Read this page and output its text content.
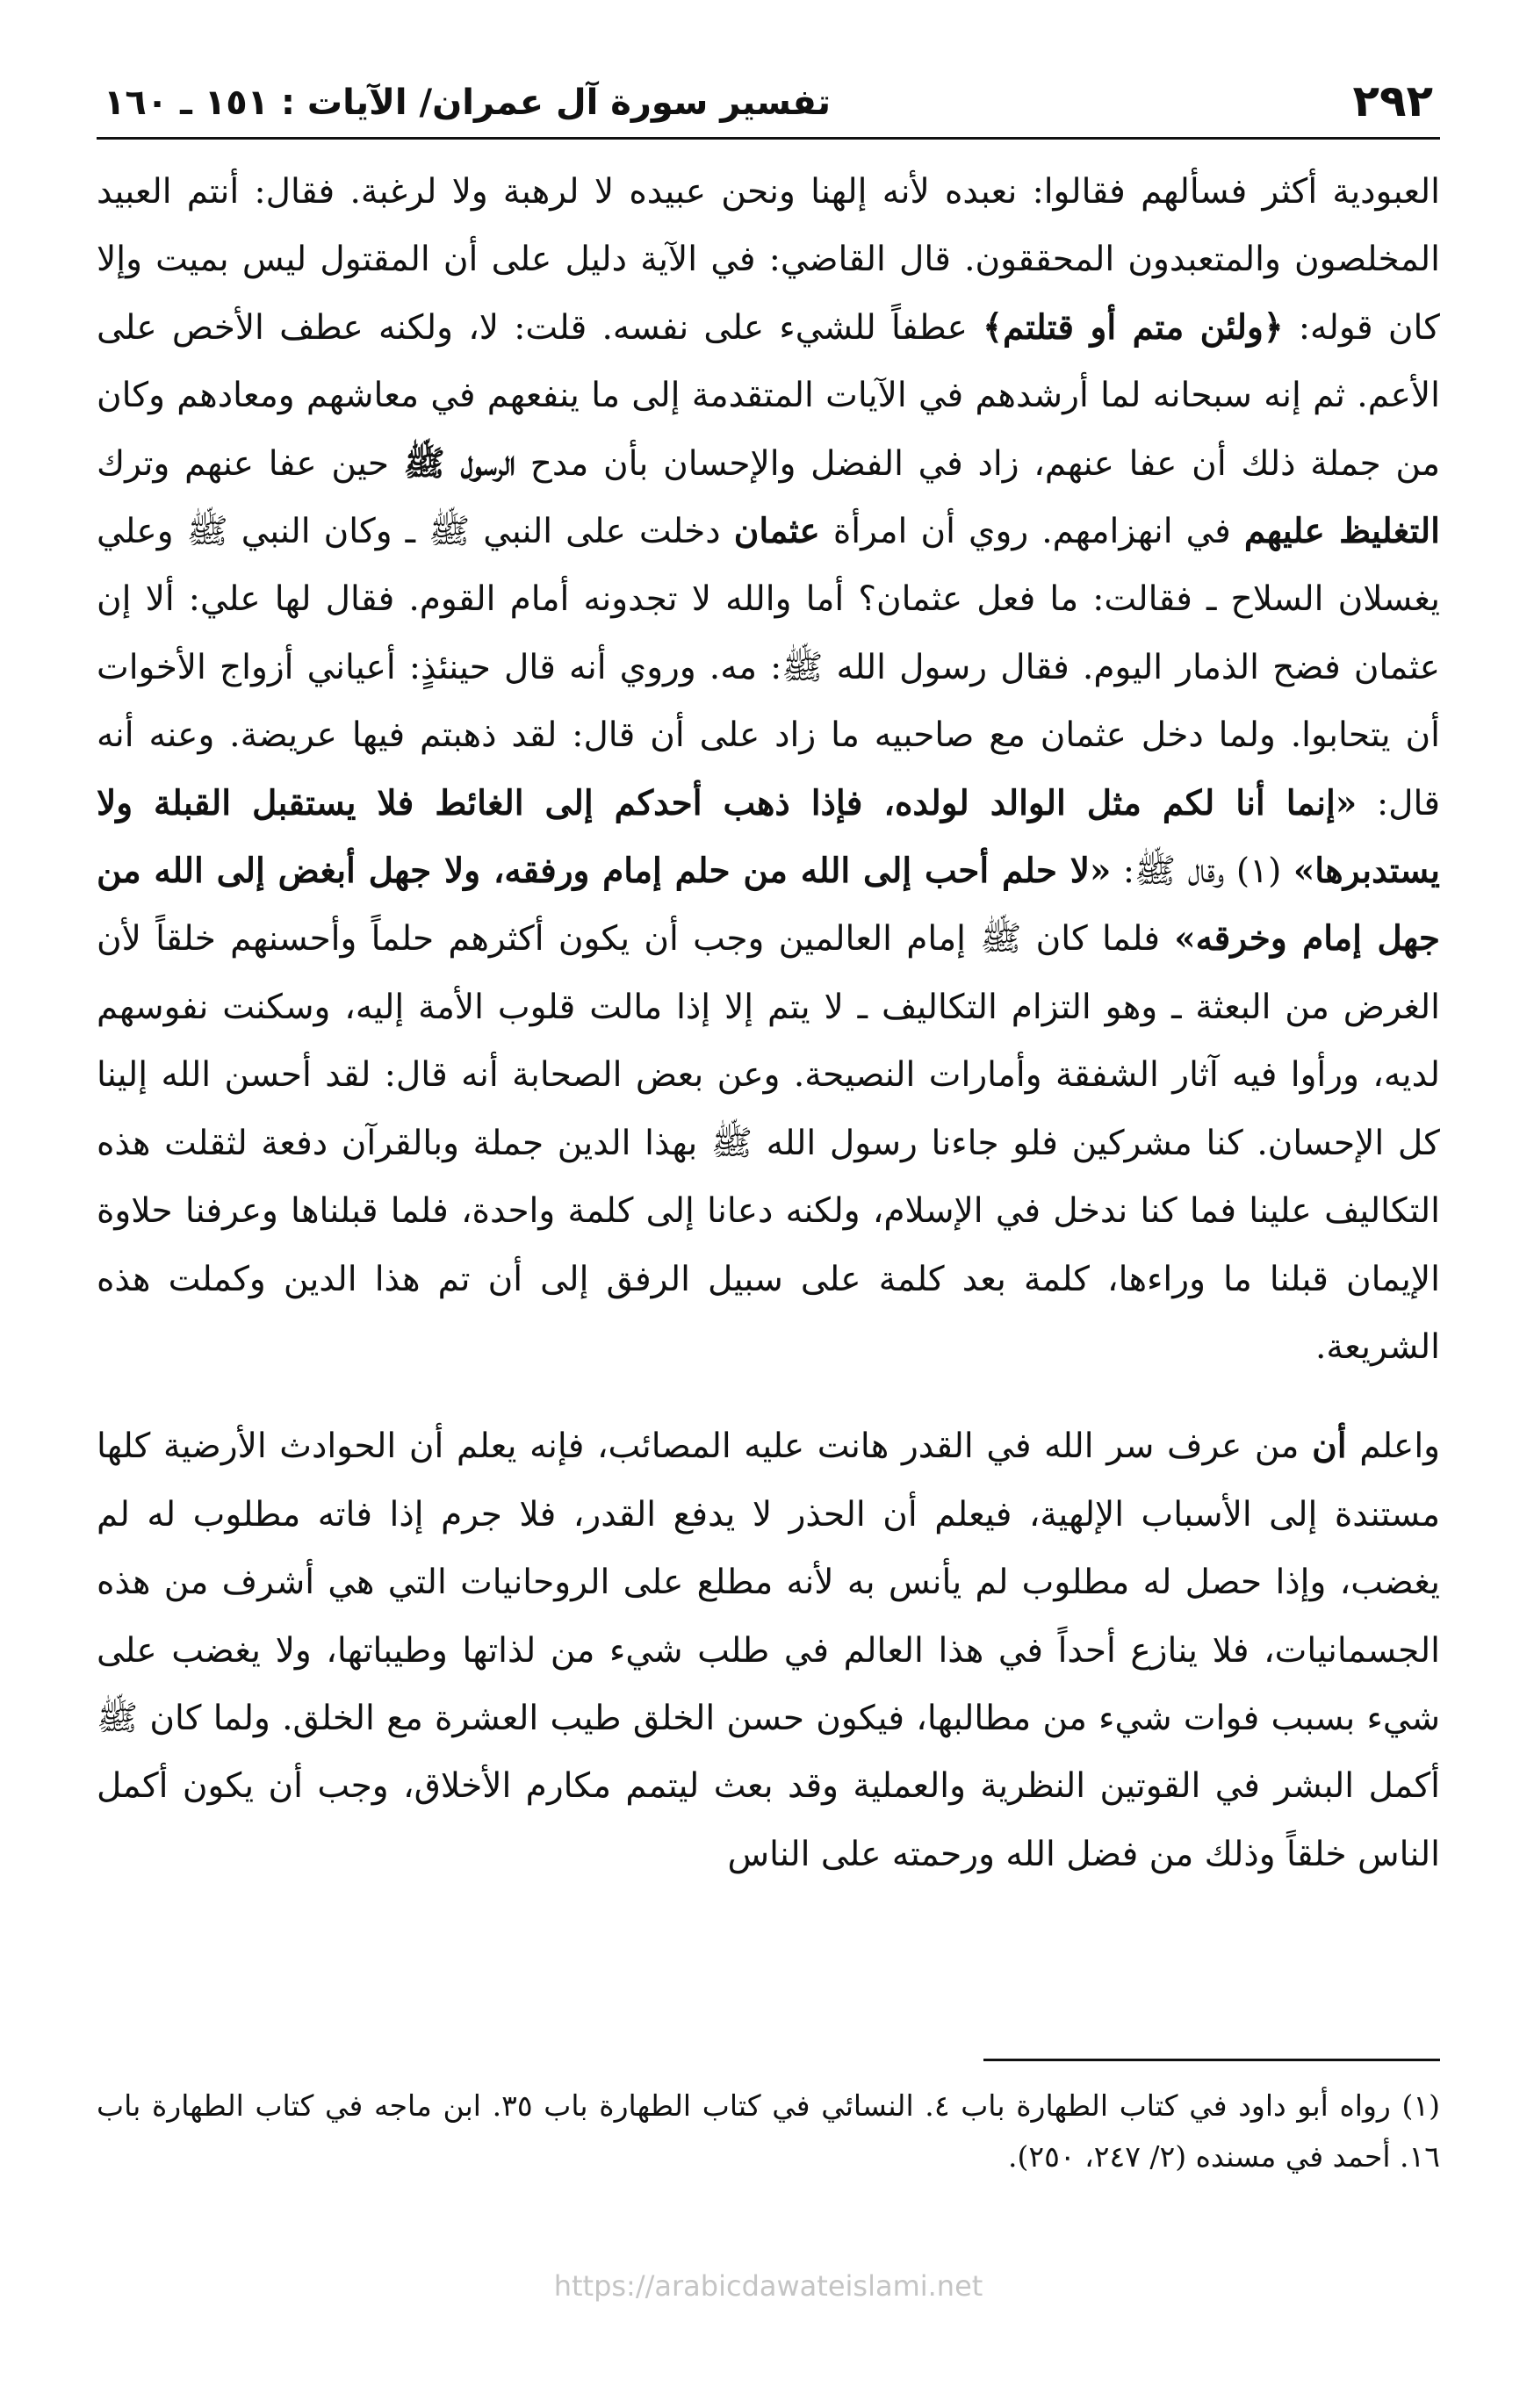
٢٩٢
تفسير سورة آل عمران/ الآيات : ١٥١ ـ ١٦٠

العبودية أكثر فسألهم فقالوا: نعبده لأنه إلهنا ونحن عبيده لا لرهبة ولا لرغبة. فقال: أنتم العبيد المخلصون والمتعبدون المحققون. قال القاضي: في الآية دليل على أن المقتول ليس بميت وإلا كان قوله: ﴿ولئن متم أو قتلتم﴾ عطفاً للشيء على نفسه. قلت: لا، ولكنه عطف الأخص على الأعم. ثم إنه سبحانه لما أرشدهم في الآيات المتقدمة إلى ما ينفعهم في معاشهم ومعادهم وكان من جملة ذلك أن عفا عنهم، زاد في الفضل والإحسان بأن مدح الرسول ﷺ حين عفا عنهم وترك التغليظ عليهم في انهزامهم. روي أن امرأة عثمان دخلت على النبي ﷺ ـ وكان النبي ﷺ وعلي يغسلان السلاح ـ فقالت: ما فعل عثمان؟ أما والله لا تجدونه أمام القوم. فقال لها علي: ألا إن عثمان فضح الذمار اليوم. فقال رسول الله ﷺ: مه. وروي أنه قال حينئذٍ: أعياني أزواج الأخوات أن يتحابوا. ولما دخل عثمان مع صاحبيه ما زاد على أن قال: لقد ذهبتم فيها عريضة. وعنه أنه قال: «إنما أنا لكم مثل الوالد لولده، فإذا ذهب أحدكم إلى الغائط فلا يستقبل القبلة ولا يستدبرها» (١) وقال ﷺ: «لا حلم أحب إلى الله من حلم إمام ورفقه، ولا جهل أبغض إلى الله من جهل إمام وخرقه» فلما كان ﷺ إمام العالمين وجب أن يكون أكثرهم حلماً وأحسنهم خلقاً لأن الغرض من البعثة ـ وهو التزام التكاليف ـ لا يتم إلا إذا مالت قلوب الأمة إليه، وسكنت نفوسهم لديه، ورأوا فيه آثار الشفقة وأمارات النصيحة. وعن بعض الصحابة أنه قال: لقد أحسن الله إلينا كل الإحسان. كنا مشركين فلو جاءنا رسول الله ﷺ بهذا الدين جملة وبالقرآن دفعة لثقلت هذه التكاليف علينا فما كنا ندخل في الإسلام، ولكنه دعانا إلى كلمة واحدة، فلما قبلناها وعرفنا حلاوة الإيمان قبلنا ما وراءها، كلمة بعد كلمة على سبيل الرفق إلى أن تم هذا الدين وكملت هذه الشريعة.

واعلم أن من عرف سر الله في القدر هانت عليه المصائب، فإنه يعلم أن الحوادث الأرضية كلها مستندة إلى الأسباب الإلهية، فيعلم أن الحذر لا يدفع القدر، فلا جرم إذا فاته مطلوب له لم يغضب، وإذا حصل له مطلوب لم يأنس به لأنه مطلع على الروحانيات التي هي أشرف من هذه الجسمانيات، فلا ينازع أحداً في هذا العالم في طلب شيء من لذاتها وطيباتها، ولا يغضب على شيء بسبب فوات شيء من مطالبها، فيكون حسن الخلق طيب العشرة مع الخلق. ولما كان ﷺ أكمل البشر في القوتين النظرية والعملية وقد بعث ليتمم مكارم الأخلاق، وجب أن يكون أكمل الناس خلقاً وذلك من فضل الله ورحمته على الناس

(١) رواه أبو داود في كتاب الطهارة باب ٤. النسائي في كتاب الطهارة باب ٣٥. ابن ماجه في كتاب الطهارة باب ١٦. أحمد في مسنده (٢/ ٢٤٧، ٢٥٠).

https://arabicdawateislami.net
